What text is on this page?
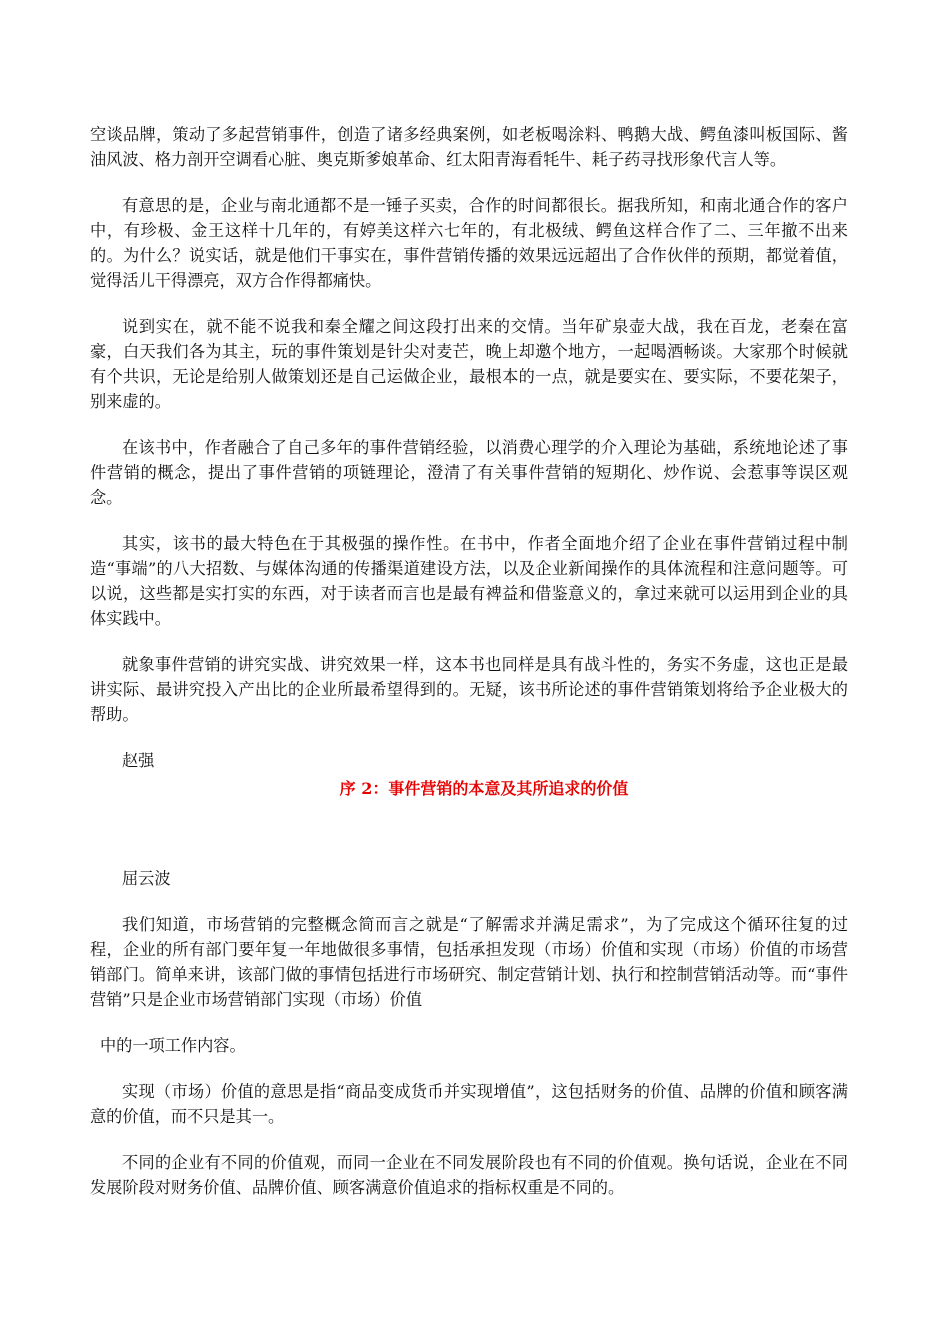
空谈品牌，策动了多起营销事件，创造了诸多经典案例，如老板喝涂料、鸭鹅大战、鳄鱼漆叫板国际、酱油风波、格力剖开空调看心脏、奥克斯爹娘革命、红太阳青海看牦牛、耗子药寻找形象代言人等。

有意思的是，企业与南北通都不是一锤子买卖，合作的时间都很长。据我所知，和南北通合作的客户中，有珍极、金王这样十几年的，有婷美这样六七年的，有北极绒、鳄鱼这样合作了二、三年撤不出来的。为什么？说实话，就是他们干事实在，事件营销传播的效果远远超出了合作伙伴的预期，都觉着值，觉得活儿干得漂亮，双方合作得都痛快。

说到实在，就不能不说我和秦全耀之间这段打出来的交情。当年矿泉壶大战，我在百龙，老秦在富豪，白天我们各为其主，玩的事件策划是针尖对麦芒，晚上却邀个地方，一起喝酒畅谈。大家那个时候就有个共识，无论是给别人做策划还是自己运做企业，最根本的一点，就是要实在、要实际，不要花架子，别来虚的。

在该书中，作者融合了自己多年的事件营销经验，以消费心理学的介入理论为基础，系统地论述了事件营销的概念，提出了事件营销的项链理论，澄清了有关事件营销的短期化、炒作说、会惹事等误区观念。

其实，该书的最大特色在于其极强的操作性。在书中，作者全面地介绍了企业在事件营销过程中制造“事端”的八大招数、与媒体沟通的传播渠道建设方法，以及企业新闻操作的具体流程和注意问题等。可以说，这些都是实打实的东西，对于读者而言也是最有裨益和借鉴意义的，拿过来就可以运用到企业的具体实践中。

就象事件营销的讲究实战、讲究效果一样，这本书也同样是具有战斗性的，务实不务虚，这也正是最讲实际、最讲究投入产出比的企业所最希望得到的。无疑，该书所论述的事件营销策划将给予企业极大的帮助。

赵强
序 2：事件营销的本意及其所追求的价值
屈云波

我们知道，市场营销的完整概念简而言之就是“了解需求并满足需求”，为了完成这个循环往复的过程，企业的所有部门要年复一年地做很多事情，包括承担发现（市场）价值和实现（市场）价值的市场营销部门。简单来讲，该部门做的事情包括进行市场研究、制定营销计划、执行和控制营销活动等。而“事件营销”只是企业市场营销部门实现（市场）价值

中的一项工作内容。

实现（市场）价值的意思是指“商品变成货币并实现增值”，这包括财务的价值、品牌的价值和顾客满意的价值，而不只是其一。

不同的企业有不同的价值观，而同一企业在不同发展阶段也有不同的价值观。换句话说，企业在不同发展阶段对财务价值、品牌价值、顾客满意价值追求的指标权重是不同的。
